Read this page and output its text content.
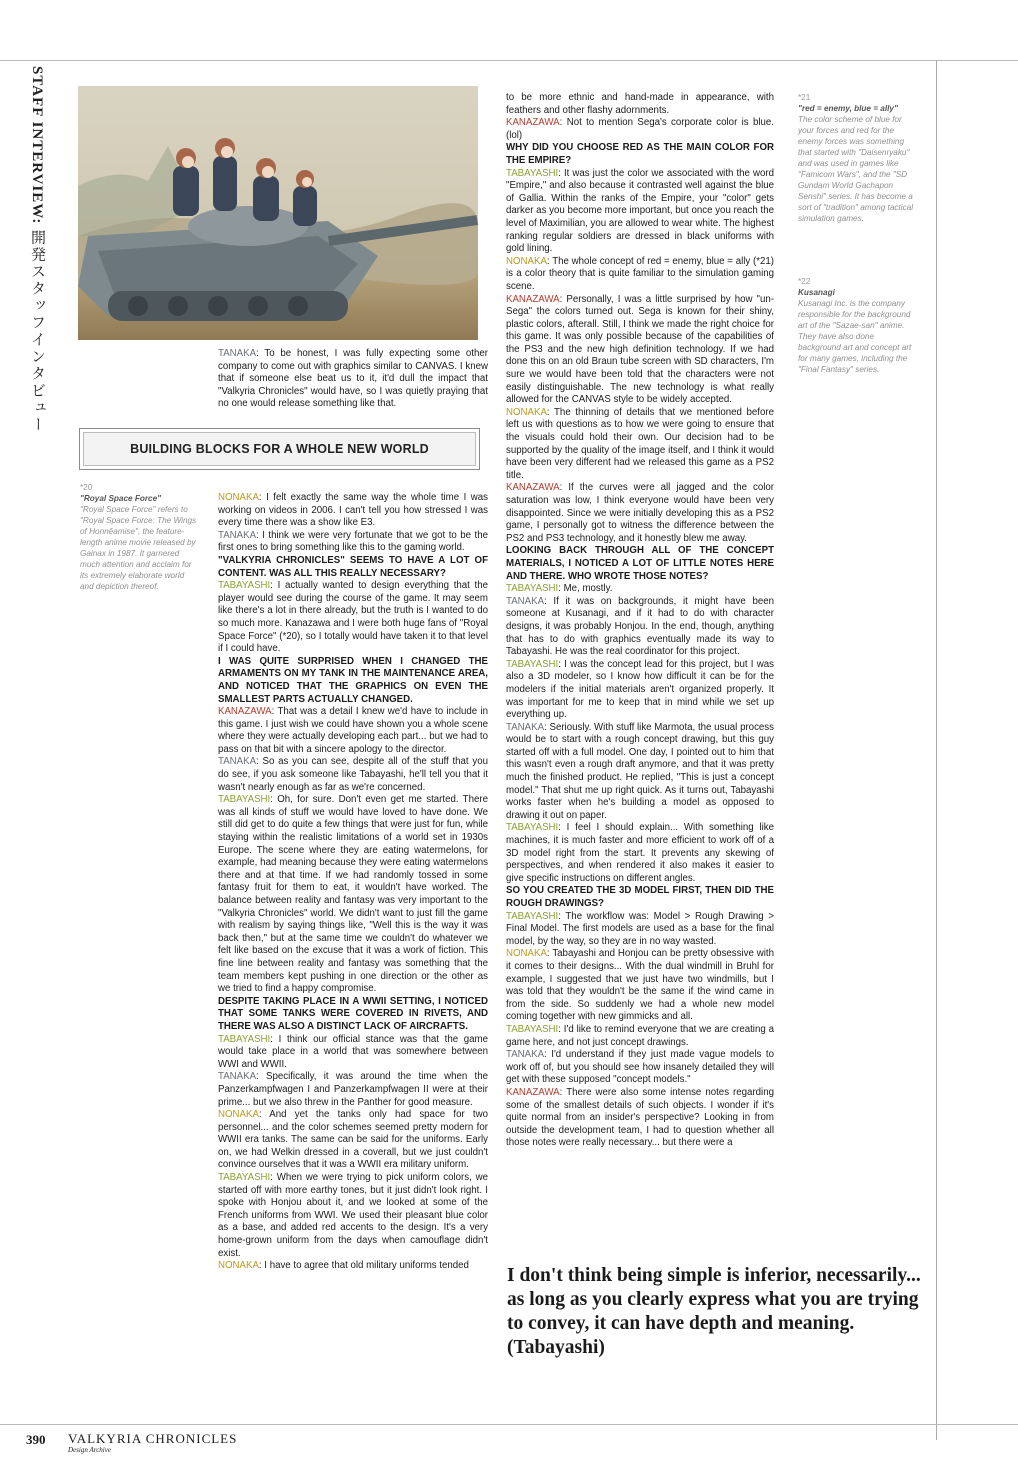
STAFF INTERVIEW: 開発スタッフインタビュー	TANAKA: To be honest, I was fully expecting some other company to come out with graphics similar to CANVAS. I knew that if someone else beat us to it, it'd dull the impact that "Valkyria Chronicles" would have, so I was quietly praying that no one would release something like that.

BUILDING BLOCKS FOR A WHOLE NEW WORLD
*20
"Royal Space Force"
"Royal Space Force" refers to "Royal Space Force: The Wings of Honnêamise", the feature-length anime movie released by Gainax in 1987. It garnered much attention and acclaim for its extremely elaborate world and depiction thereof.

NONAKA: I felt exactly the same way the whole time I was working on videos in 2006. I can't tell you how stressed I was every time there was a show like E3.

TANAKA: I think we were very fortunate that we got to be the first ones to bring something like this to the gaming world.

"VALKYRIA CHRONICLES" SEEMS TO HAVE A LOT OF CONTENT. WAS ALL THIS REALLY NECESSARY?

TABAYASHI: I actually wanted to design everything that the player would see during the course of the game. It may seem like there's a lot in there already, but the truth is I wanted to do so much more. Kanazawa and I were both huge fans of "Royal Space Force" (*20), so I totally would have taken it to that level if I could have.

I WAS QUITE SURPRISED WHEN I CHANGED THE ARMAMENTS ON MY TANK IN THE MAINTENANCE AREA, AND NOTICED THAT THE GRAPHICS ON EVEN THE SMALLEST PARTS ACTUALLY CHANGED.

KANAZAWA: That was a detail I knew we'd have to include in this game. I just wish we could have shown you a whole scene where they were actually developing each part... but we had to pass on that bit with a sincere apology to the director.

TANAKA: So as you can see, despite all of the stuff that you do see, if you ask someone like Tabayashi, he'll tell you that it wasn't nearly enough as far as we're concerned.

TABAYASHI: Oh, for sure. Don't even get me started. There was all kinds of stuff we would have loved to have done. We still did get to do quite a few things that were just for fun, while staying within the realistic limitations of a world set in 1930s Europe. The scene where they are eating watermelons, for example, had meaning because they were eating watermelons there and at that time. If we had randomly tossed in some fantasy fruit for them to eat, it wouldn't have worked. The balance between reality and fantasy was very important to the "Valkyria Chronicles" world. We didn't want to just fill the game with realism by saying things like, "Well this is the way it was back then," but at the same time we couldn't do whatever we felt like based on the excuse that it was a work of fiction. This fine line between reality and fantasy was something that the team members kept pushing in one direction or the other as we tried to find a happy compromise.

DESPITE TAKING PLACE IN A WWII SETTING, I NOTICED THAT SOME TANKS WERE COVERED IN RIVETS, AND THERE WAS ALSO A DISTINCT LACK OF AIRCRAFTS.

TABAYASHI: I think our official stance was that the game would take place in a world that was somewhere between WWI and WWII.

TANAKA: Specifically, it was around the time when the Panzerkampfwagen I and Panzerkampfwagen II were at their prime... but we also threw in the Panther for good measure.

NONAKA: And yet the tanks only had space for two personnel... and the color schemes seemed pretty modern for WWII era tanks. The same can be said for the uniforms. Early on, we had Welkin dressed in a coverall, but we just couldn't convince ourselves that it was a WWII era military uniform.

TABAYASHI: When we were trying to pick uniform colors, we started off with more earthy tones, but it just didn't look right. I spoke with Honjou about it, and we looked at some of the French uniforms from WWI. We used their pleasant blue color as a base, and added red accents to the design. It's a very home-grown uniform from the days when camouflage didn't exist.

NONAKA: I have to agree that old military uniforms tended

to be more ethnic and hand-made in appearance, with feathers and other flashy adornments.

KANAZAWA: Not to mention Sega's corporate color is blue. (lol)

WHY DID YOU CHOOSE RED AS THE MAIN COLOR FOR THE EMPIRE?

TABAYASHI: It was just the color we associated with the word "Empire," and also because it contrasted well against the blue of Gallia. Within the ranks of the Empire, your "color" gets darker as you become more important, but once you reach the level of Maximilian, you are allowed to wear white. The highest ranking regular soldiers are dressed in black uniforms with gold lining.

NONAKA: The whole concept of red = enemy, blue = ally (*21) is a color theory that is quite familiar to the simulation gaming scene.

KANAZAWA: Personally, I was a little surprised by how "un-Sega" the colors turned out. Sega is known for their shiny, plastic colors, afterall. Still, I think we made the right choice for this game. It was only possible because of the capabilities of the PS3 and the new high definition technology. If we had done this on an old Braun tube screen with SD characters, I'm sure we would have been told that the characters were not easily distinguishable. The new technology is what really allowed for the CANVAS style to be widely accepted.

NONAKA: The thinning of details that we mentioned before left us with questions as to how we were going to ensure that the visuals could hold their own. Our decision had to be supported by the quality of the image itself, and I think it would have been very different had we released this game as a PS2 title.

KANAZAWA: If the curves were all jagged and the color saturation was low, I think everyone would have been very disappointed. Since we were initially developing this as a PS2 game, I personally got to witness the difference between the PS2 and PS3 technology, and it honestly blew me away.

LOOKING BACK THROUGH ALL OF THE CONCEPT MATERIALS, I NOTICED A LOT OF LITTLE NOTES HERE AND THERE. WHO WROTE THOSE NOTES?

TABAYASHI: Me, mostly.

TANAKA: If it was on backgrounds, it might have been someone at Kusanagi, and if it had to do with character designs, it was probably Honjou. In the end, though, anything that has to do with graphics eventually made its way to Tabayashi. He was the real coordinator for this project.

TABAYASHI: I was the concept lead for this project, but I was also a 3D modeler, so I know how difficult it can be for the modelers if the initial materials aren't organized properly. It was important for me to keep that in mind while we set up everything up.

TANAKA: Seriously. With stuff like Marmota, the usual process would be to start with a rough concept drawing, but this guy started off with a full model. One day, I pointed out to him that this wasn't even a rough draft anymore, and that it was pretty much the finished product. He replied, "This is just a concept model." That shut me up right quick. As it turns out, Tabayashi works faster when he's building a model as opposed to drawing it out on paper.

TABAYASHI: I feel I should explain... With something like machines, it is much faster and more efficient to work off of a 3D model right from the start. It prevents any skewing of perspectives, and when rendered it also makes it easier to give specific instructions on different angles.

SO YOU CREATED THE 3D MODEL FIRST, THEN DID THE ROUGH DRAWINGS?

TABAYASHI: The workflow was: Model > Rough Drawing > Final Model. The first models are used as a base for the final model, by the way, so they are in no way wasted.

NONAKA: Tabayashi and Honjou can be pretty obsessive with it comes to their designs... With the dual windmill in Bruhl for example, I suggested that we just have two windmills, but I was told that they wouldn't be the same if the wind came in from the side. So suddenly we had a whole new model coming together with new gimmicks and all.

TABAYASHI: I'd like to remind everyone that we are creating a game here, and not just concept drawings.

TANAKA: I'd understand if they just made vague models to work off of, but you should see how insanely detailed they will get with these supposed "concept models."

KANAZAWA: There were also some intense notes regarding some of the smallest details of such objects. I wonder if it's quite normal from an insider's perspective? Looking in from outside the development team, I had to question whether all those notes were really necessary... but there were a

*21
"red = enemy, blue = ally"
The color scheme of blue for your forces and red for the enemy forces was something that started with "Daisenryaku" and was used in games like "Famicom Wars", and the "SD Gundam World Gachapon Senshi" series. It has become a sort of "tradition" among tactical simulation games.
*22
Kusanagi
Kusanagi Inc. is the company responsible for the background art of the "Sazae-san" anime. They have also done background art and concept art for many games, including the "Final Fantasy" series.
I don't think being simple is inferior, necessarily... as long as you clearly express what you are trying to convey, it can have depth and meaning. (Tabayashi)
390 VALKYRIA CHRONICLES
Design Archive
